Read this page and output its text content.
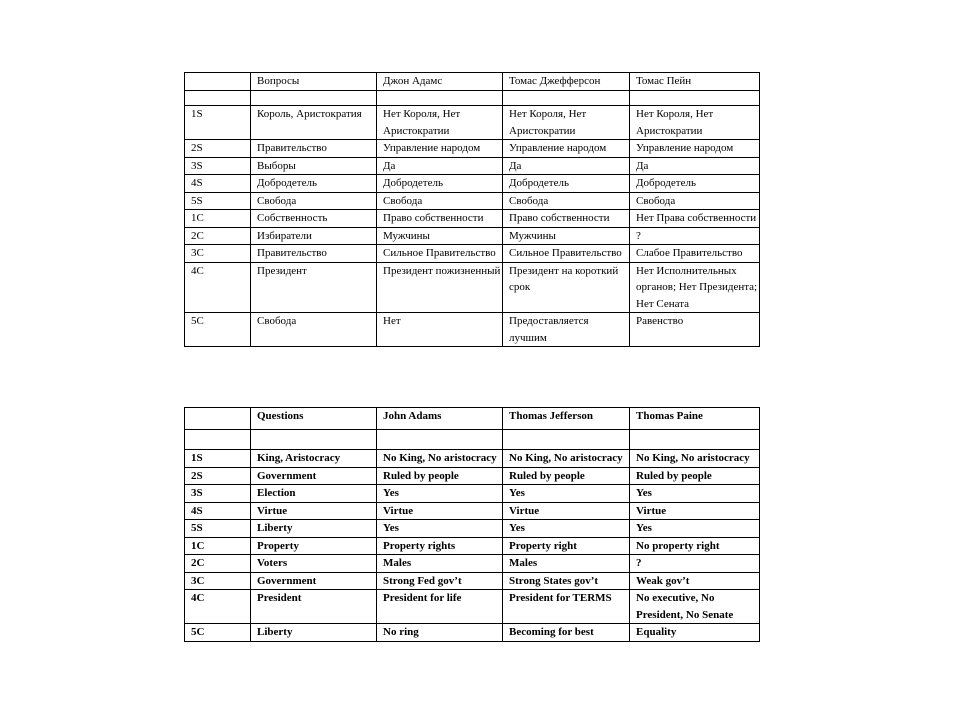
	Вопросы	Джон Адамс	Томас Джефферсон	Томас Пейн

1S	Король, Аристократия	Нет Короля, Нет Аристократии	Нет Короля, Нет Аристократии	Нет Короля, Нет Аристократии
2S	Правительство	Управление народом	Управление народом	Управление народом
3S	Выборы	Да	Да	Да
4S	Добродетель	Добродетель	Добродетель	Добродетель
5S	Свобода	Свобода	Свобода	Свобода
1C	Собственность	Право собственности	Право собственности	Нет Права собственности
2C	Избиратели	Мужчины	Мужчины	?
3C	Правительство	Сильное Правительство	Сильное Правительство	Слабое Правительство
4C	Президент	Президент пожизненный	Президент на короткий срок	Нет Исполнительных органов; Нет Президента; Нет Сената
5C	Свобода	Нет	Предоставляется лучшим	Равенство
	Questions	John Adams	Thomas Jefferson	Thomas Paine

1S	King, Aristocracy	No King, No aristocracy	No King, No aristocracy	No King, No aristocracy
2S	Government	Ruled by people	Ruled by people	Ruled by people
3S	Election	Yes	Yes	Yes
4S	Virtue	Virtue	Virtue	Virtue
5S	Liberty	Yes	Yes	Yes
1C	Property	Property rights	Property right	No property right
2C	Voters	Males	Males	?
3C	Government	Strong Fed gov’t	Strong States gov’t	Weak gov’t
4C	President	President for life	President for TERMS	No executive, No President, No Senate
5C	Liberty	No ring	Becoming for best	Equality
